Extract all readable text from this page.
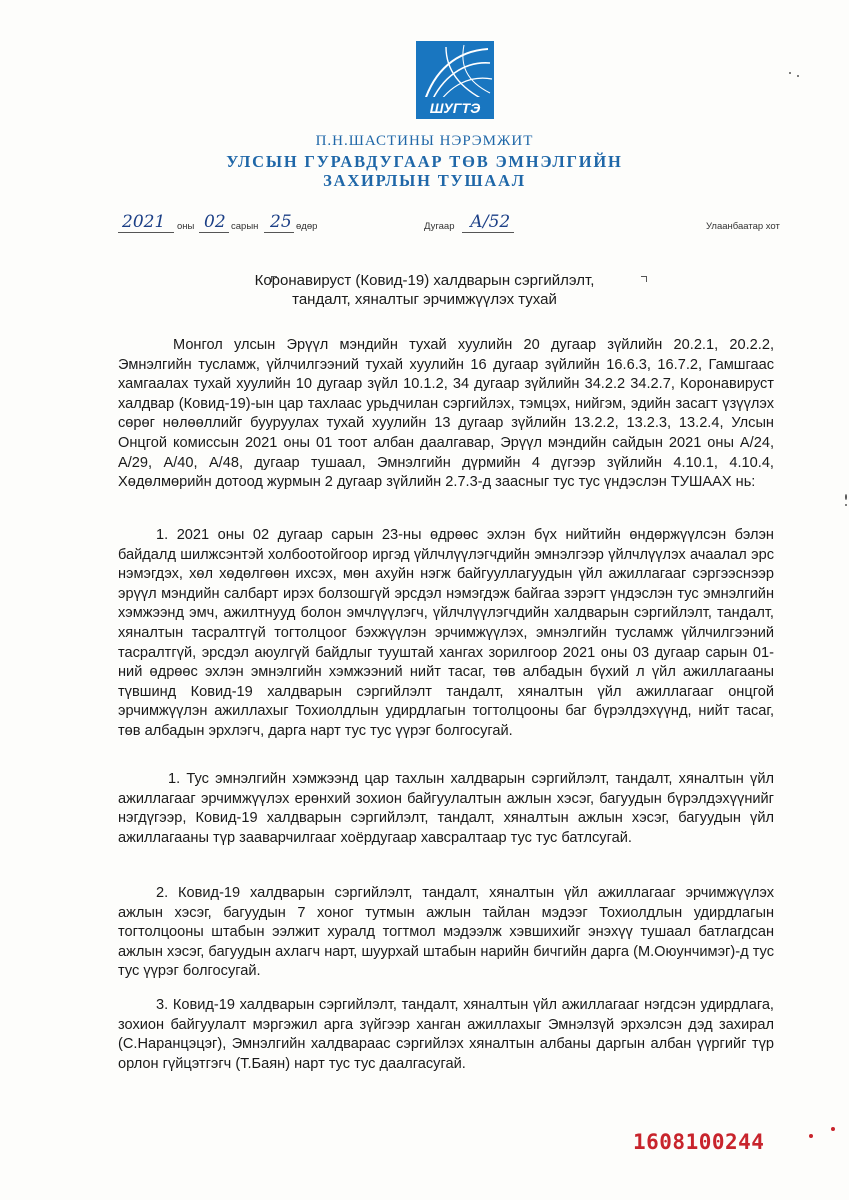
ШУГТЭ
П.Н.ШАСТИНЫ НЭРЭМЖИТ
УЛСЫН ГУРАВДУГААР ТӨВ ЭМНЭЛГИЙН
ЗАХИРЛЫН ТУШААЛ
2021 оны 02 сарын 25 өдөр	Дугаар А/52	Улаанбаатар хот
Коронавируст (Ковид-19) халдварын сэргийлэлт,
тандалт, хяналтыг эрчимжүүлэх тухай
Монгол улсын Эрүүл мэндийн тухай хуулийн 20 дугаар зүйлийн 20.2.1, 20.2.2, Эмнэлгийн тусламж, үйлчилгээний тухай хуулийн 16 дугаар зүйлийн 16.6.3, 16.7.2, Гамшгаас хамгаалах тухай хуулийн 10 дугаар зүйл 10.1.2, 34 дугаар зүйлийн 34.2.2 34.2.7, Коронавируст халдвар (Ковид-19)-ын цар тахлаас урьдчилан сэргийлэх, тэмцэх, нийгэм, эдийн засагт үзүүлэх сөрөг нөлөөллийг бууруулах тухай хуулийн 13 дугаар зүйлийн 13.2.2, 13.2.3, 13.2.4, Улсын Онцгой комиссын 2021 оны 01 тоот албан даалгавар, Эрүүл мэндийн сайдын 2021 оны А/24, А/29, А/40, А/48, дугаар тушаал, Эмнэлгийн дүрмийн 4 дүгээр зүйлийн 4.10.1, 4.10.4, Хөдөлмөрийн дотоод журмын 2 дугаар зүйлийн 2.7.3-д заасныг тус тус үндэслэн ТУШААХ нь:
1. 2021 оны 02 дугаар сарын 23-ны өдрөөс эхлэн бүх нийтийн өндөржүүлсэн бэлэн байдалд шилжсэнтэй холбоотойгоор иргэд үйлчлүүлэгчдийн эмнэлгээр үйлчлүүлэх ачаалал эрс нэмэгдэх, хөл хөдөлгөөн ихсэх, мөн ахуйн нэгж байгууллагуудын үйл ажиллагааг сэргээснээр эрүүл мэндийн салбарт ирэх болзошгүй эрсдэл нэмэгдэж байгаа зэрэгт үндэслэн тус эмнэлгийн хэмжээнд эмч, ажилтнууд болон эмчлүүлэгч, үйлчлүүлэгчдийн халдварын сэргийлэлт, тандалт, хяналтын тасралтгүй тогтолцоог бэхжүүлэн эрчимжүүлэх, эмнэлгийн тусламж үйлчилгээний тасралтгүй, эрсдэл аюулгүй байдлыг тууштай хангах зорилгоор 2021 оны 03 дугаар сарын 01-ний өдрөөс эхлэн эмнэлгийн хэмжээний нийт тасаг, төв албадын бүхий л үйл ажиллагааны түвшинд Ковид-19 халдварын сэргийлэлт тандалт, хяналтын үйл ажиллагааг онцгой эрчимжүүлэн ажиллахыг Тохиолдлын удирдлагын тогтолцооны баг бүрэлдэхүүнд, нийт тасаг, төв албадын эрхлэгч, дарга нарт тус тус үүрэг болгосугай.
1. Тус эмнэлгийн хэмжээнд цар тахлын халдварын сэргийлэлт, тандалт, хяналтын үйл ажиллагааг эрчимжүүлэх ерөнхий зохион байгуулалтын ажлын хэсэг, багуудын бүрэлдэхүүнийг нэгдүгээр, Ковид-19 халдварын сэргийлэлт, тандалт, хяналтын ажлын хэсэг, багуудын үйл ажиллагааны түр зааварчилгааг хоёрдугаар хавсралтаар тус тус батлсугай.
2. Ковид-19 халдварын сэргийлэлт, тандалт, хяналтын үйл ажиллагааг эрчимжүүлэх ажлын хэсэг, багуудын 7 хоног тутмын ажлын тайлан мэдээг Тохиолдлын удирдлагын тогтолцооны штабын ээлжит хуралд тогтмол мэдээлж хэвшихийг энэхүү тушаал батлагдсан ажлын хэсэг, багуудын ахлагч нарт, шуурхай штабын нарийн бичгийн дарга (М.Оюунчимэг)-д тус тус үүрэг болгосугай.
3. Ковид-19 халдварын сэргийлэлт, тандалт, хяналтын үйл ажиллагааг нэгдсэн удирдлага, зохион байгуулалт мэргэжил арга зүйгээр ханган ажиллахыг Эмнэлзүй эрхэлсэн дэд захирал (С.Наранцэцэг), Эмнэлгийн халдвараас сэргийлэх хяналтын албаны даргын албан үүргийг түр орлон гүйцэтгэгч (Т.Баян) нарт тус тус даалгасугай.
1608100244
